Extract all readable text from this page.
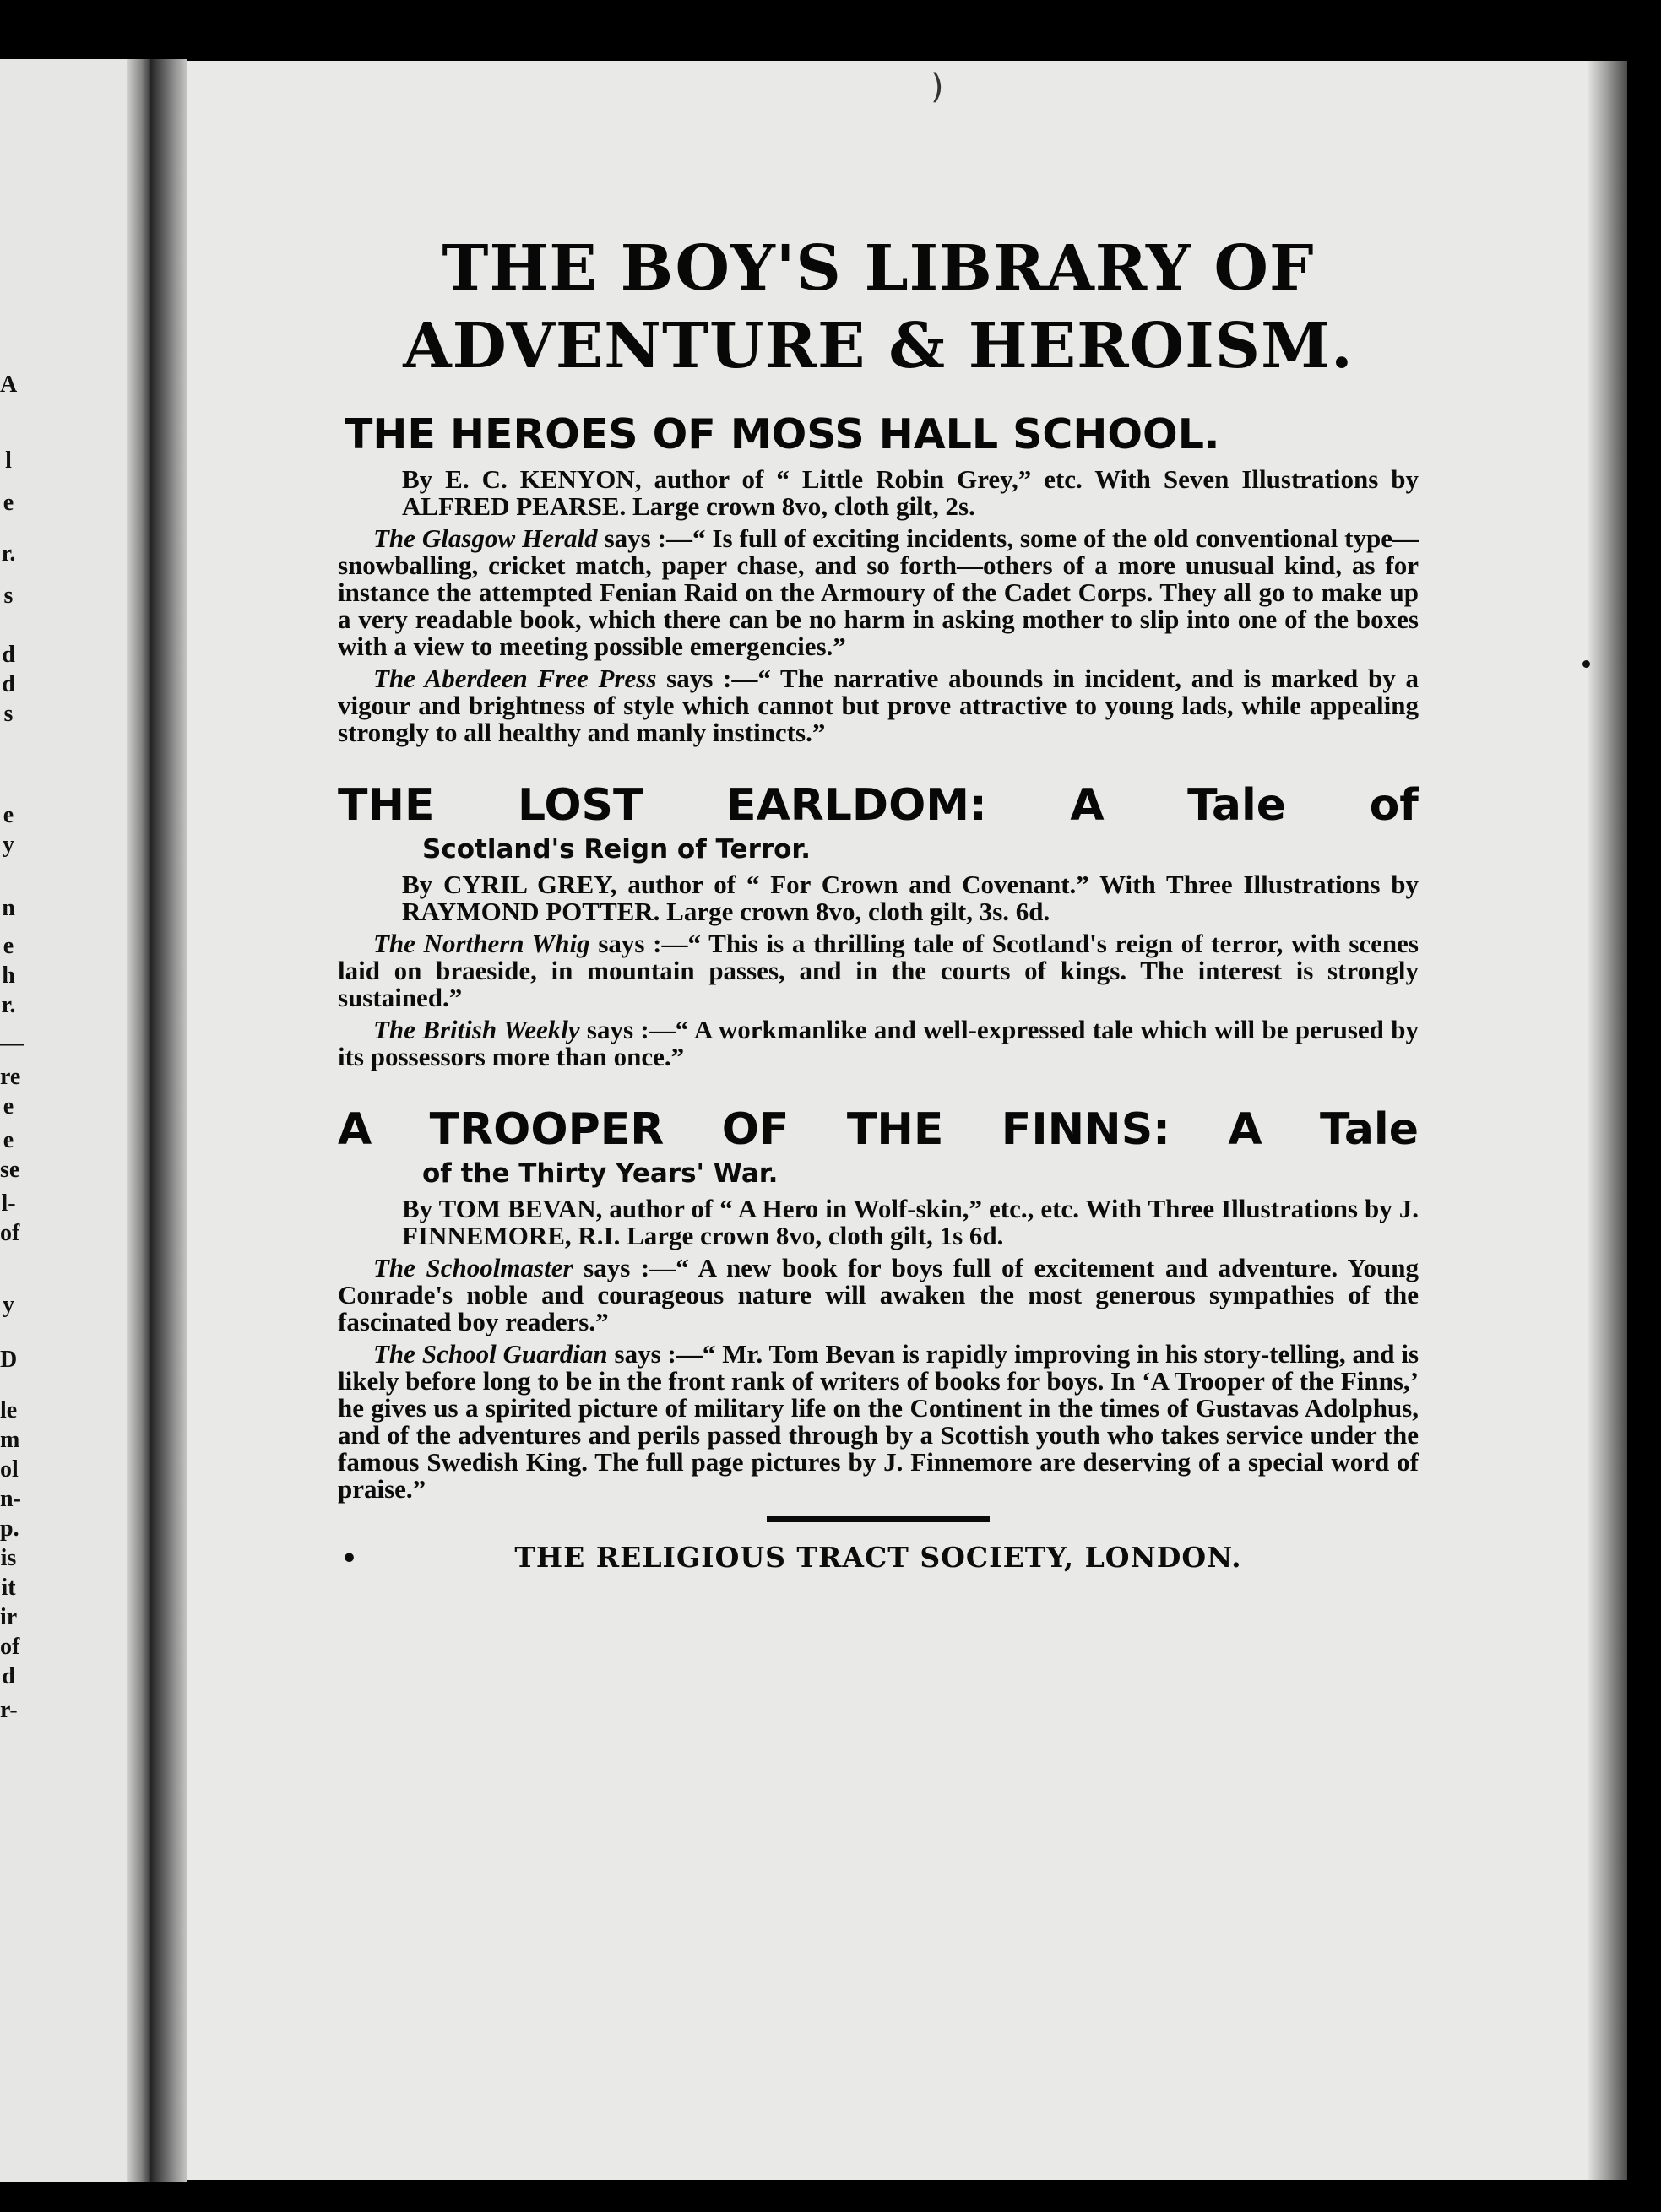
A
l
e
r.
s
d
d
s
e
y
n
e
h
r.
—
re
e
e
se
l-
of
y
D
le
m
ol
n-
p.
is
it
ir
of
d
r-
)
THE BOY'S LIBRARY OF
ADVENTURE & HEROISM.
THE HEROES OF MOSS HALL SCHOOL.
By E. C. KENYON, author of “ Little Robin Grey,” etc. With Seven Illustrations by ALFRED PEARSE. Large crown 8vo, cloth gilt, 2s.
The Glasgow Herald says :—“ Is full of exciting incidents, some of the old conventional type—snowballing, cricket match, paper chase, and so forth—others of a more unusual kind, as for instance the attempted Fenian Raid on the Armoury of the Cadet Corps. They all go to make up a very readable book, which there can be no harm in asking mother to slip into one of the boxes with a view to meeting possible emergencies.”
The Aberdeen Free Press says :—“ The narrative abounds in incident, and is marked by a vigour and brightness of style which cannot but prove attractive to young lads, while appealing strongly to all healthy and manly instincts.”
THE LOST EARLDOM: A Tale of
Scotland's Reign of Terror.
By CYRIL GREY, author of “ For Crown and Covenant.” With Three Illustrations by RAYMOND POTTER. Large crown 8vo, cloth gilt, 3s. 6d.
The Northern Whig says :—“ This is a thrilling tale of Scotland's reign of terror, with scenes laid on braeside, in mountain passes, and in the courts of kings. The interest is strongly sustained.”
The British Weekly says :—“ A workmanlike and well-expressed tale which will be perused by its possessors more than once.”
A TROOPER OF THE FINNS: A Tale
of the Thirty Years' War.
By TOM BEVAN, author of “ A Hero in Wolf-skin,” etc., etc. With Three Illustrations by J. FINNEMORE, R.I. Large crown 8vo, cloth gilt, 1s 6d.
The Schoolmaster says :—“ A new book for boys full of excitement and adventure. Young Conrade's noble and courageous nature will awaken the most generous sympathies of the fascinated boy readers.”
The School Guardian says :—“ Mr. Tom Bevan is rapidly improving in his story-telling, and is likely before long to be in the front rank of writers of books for boys. In ‘A Trooper of the Finns,’ he gives us a spirited picture of military life on the Continent in the times of Gustavas Adolphus, and of the adventures and perils passed through by a Scottish youth who takes service under the famous Swedish King. The full page pictures by J. Finnemore are deserving of a special word of praise.”
•	THE RELIGIOUS TRACT SOCIETY, LONDON.
